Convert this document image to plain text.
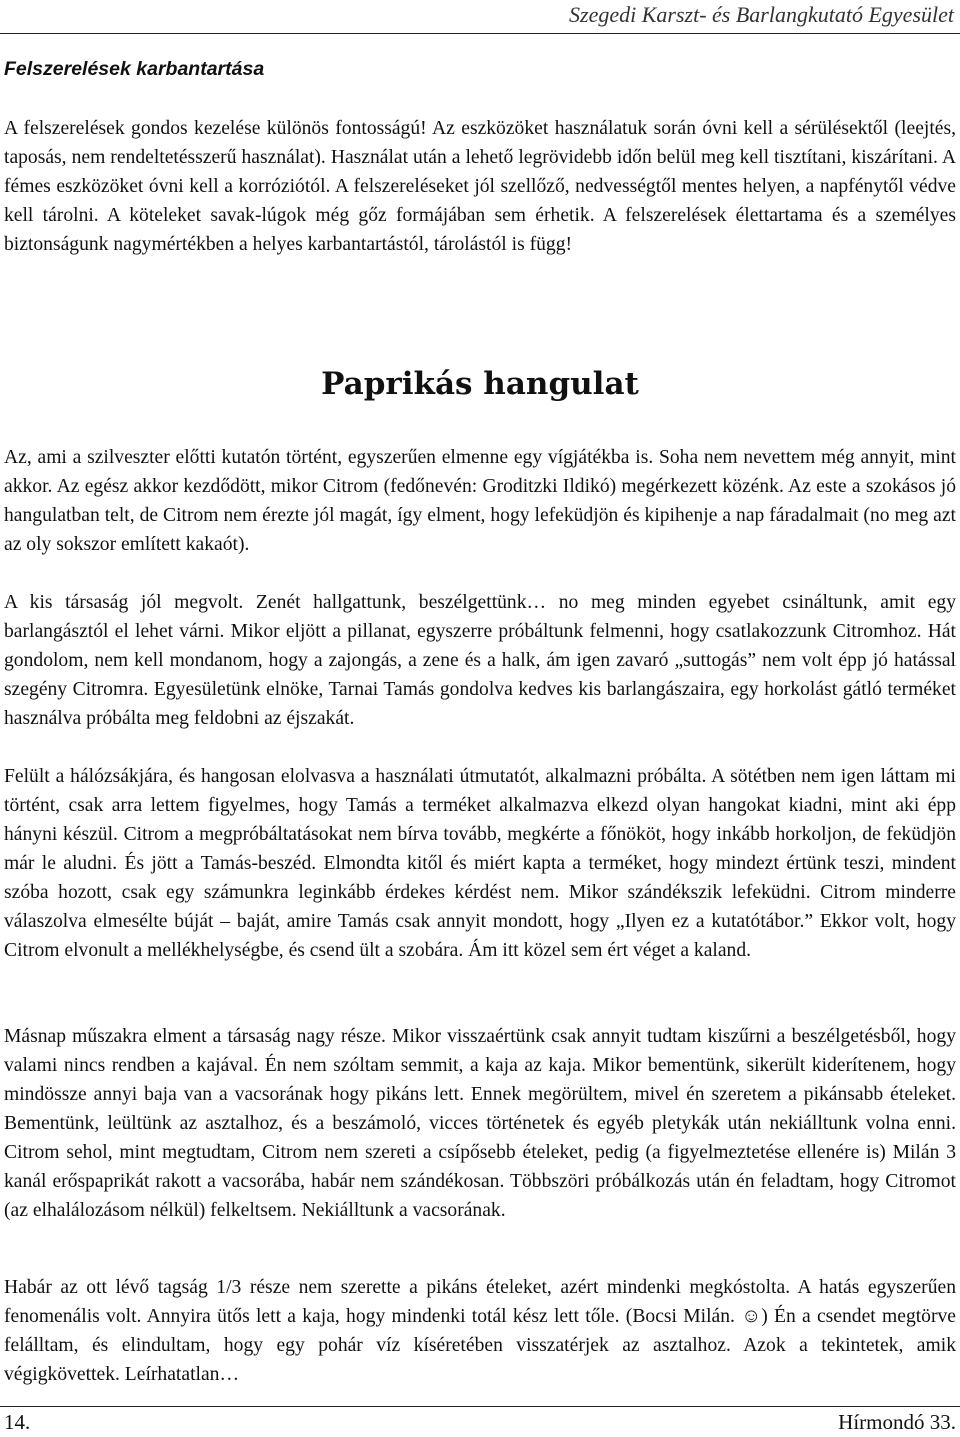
Szegedi Karszt- és Barlangkutató Egyesület
Felszerelések karbantartása

A felszerelések gondos kezelése különös fontosságú! Az eszközöket használatuk során óvni kell a sérülésektől (leejtés, taposás, nem rendeltetésszerű használat). Használat után a lehető legrövidebb időn belül meg kell tisztítani, kiszárítani. A fémes eszközöket óvni kell a korróziótól. A felszereléseket jól szellőző, nedvességtől mentes helyen, a napfénytől védve kell tárolni. A köteleket savak-lúgok még gőz formájában sem érhetik. A felszerelések élettartama és a személyes biztonságunk nagymértékben a helyes karbantartástól, tárolástól is függ!

Paprikás hangulat

Az, ami a szilveszter előtti kutatón történt, egyszerűen elmenne egy vígjátékba is. Soha nem nevettem még annyit, mint akkor. Az egész akkor kezdődött, mikor Citrom (fedőnevén: Groditzki Ildikó) megérkezett közénk. Az este a szokásos jó hangulatban telt, de Citrom nem érezte jól magát, így elment, hogy lefeküdjön és kipihenje a nap fáradalmait (no meg azt az oly sokszor említett kakaót).

A kis társaság jól megvolt. Zenét hallgattunk, beszélgettünk… no meg minden egyebet csináltunk, amit egy barlangásztól el lehet várni. Mikor eljött a pillanat, egyszerre próbáltunk felmenni, hogy csatlakozzunk Citromhoz. Hát gondolom, nem kell mondanom, hogy a zajongás, a zene és a halk, ám igen zavaró „suttogás” nem volt épp jó hatással szegény Citromra. Egyesületünk elnöke, Tarnai Tamás gondolva kedves kis barlangászaira, egy horkolást gátló terméket használva próbálta meg feldobni az éjszakát.

Felült a hálózsákjára, és hangosan elolvasva a használati útmutatót, alkalmazni próbálta. A sötétben nem igen láttam mi történt, csak arra lettem figyelmes, hogy Tamás a terméket alkalmazva elkezd olyan hangokat kiadni, mint aki épp hányni készül. Citrom a megpróbáltatásokat nem bírva tovább, megkérte a főnököt, hogy inkább horkoljon, de feküdjön már le aludni. És jött a Tamás-beszéd. Elmondta kitől és miért kapta a terméket, hogy mindezt értünk teszi, mindent szóba hozott, csak egy számunkra leginkább érdekes kérdést nem. Mikor szándékszik lefeküdni. Citrom minderre válaszolva elmesélte búját – baját, amire Tamás csak annyit mondott, hogy „Ilyen ez a kutatótábor.” Ekkor volt, hogy Citrom elvonult a mellékhelységbe, és csend ült a szobára. Ám itt közel sem ért véget a kaland.

Másnap műszakra elment a társaság nagy része. Mikor visszaértünk csak annyit tudtam kiszűrni a beszélgetésből, hogy valami nincs rendben a kajával. Én nem szóltam semmit, a kaja az kaja. Mikor bementünk, sikerült kiderítenem, hogy mindössze annyi baja van a vacsorának hogy pikáns lett. Ennek megörültem, mivel én szeretem a pikánsabb ételeket. Bementünk, leültünk az asztalhoz, és a beszámoló, vicces történetek és egyéb pletykák után nekiálltunk volna enni. Citrom sehol, mint megtudtam, Citrom nem szereti a csípősebb ételeket, pedig (a figyelmeztetése ellenére is) Milán 3 kanál erőspaprikát rakott a vacsorába, habár nem szándékosan. Többszöri próbálkozás után én feladtam, hogy Citromot (az elhalálozásom nélkül) felkeltsem. Nekiálltunk a vacsorának.

Habár az ott lévő tagság 1/3 része nem szerette a pikáns ételeket, azért mindenki megkóstolta. A hatás egyszerűen fenomenális volt. Annyira ütős lett a kaja, hogy mindenki totál kész lett tőle. (Bocsi Milán. ☺) Én a csendet megtörve felálltam, és elindultam, hogy egy pohár víz kíséretében visszatérjek az asztalhoz. Azok a tekintetek, amik végigkövettek. Leírhatatlan…

14.	Hírmondó 33.
